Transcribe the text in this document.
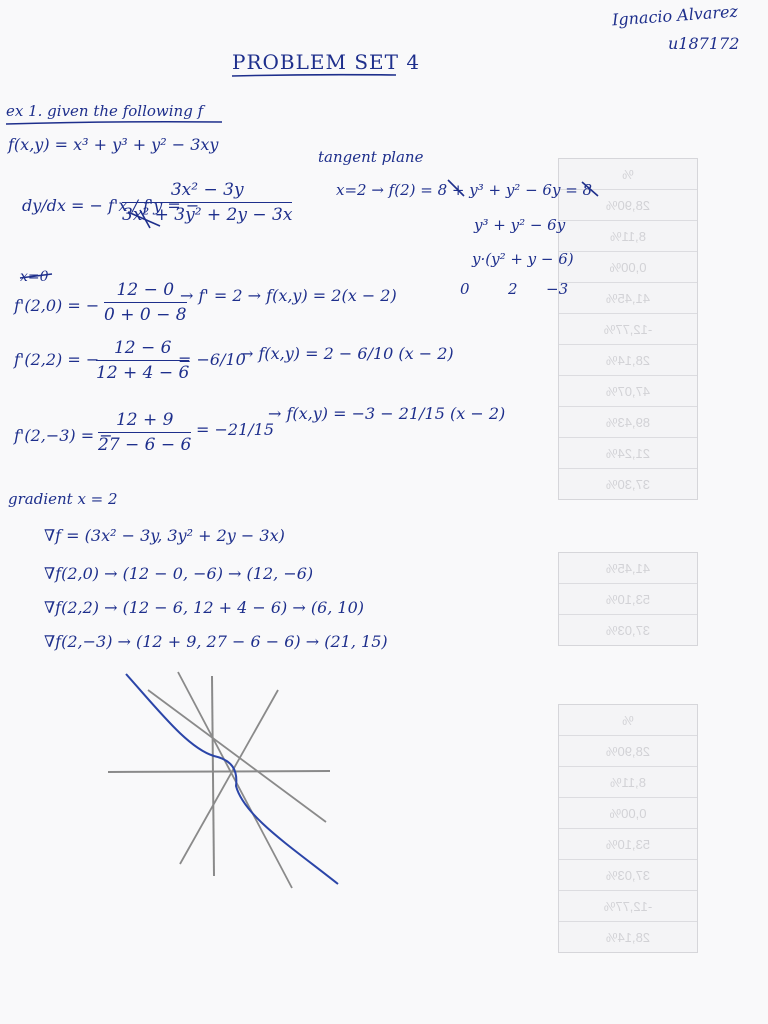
%
28,90%
8,11%
0,00%
41,45%
-12,77%
28,14%
47,07%
89,43%
21,24%
37,30%
41,45%
53,10%
37,03%
%
28,90%
8,11%
0,00%
53,10%
37,03%
-12,77%
28,14%
Ignacio Alvarez
u187172
PROBLEM SET 4
ex 1. given the following f
f(x,y) = x³ + y³ + y² − 3xy
dy/dx = − f'x / f'y = −
$\frac{\text{3x² − 3y}}{\text{3x² + 3y² + 2y − 3x}}$
x=0
f'(2,0) = − $\frac{12 - 0}{0 + 0 - 8}$
→ f' = 2 → f(x,y) = 2(x − 2)
f'(2,2) = −
$\frac{12 - 6}{12 + 4 - 6}$
= −6/10
→ f(x,y) = 2 − 6/10 (x − 2)
f'(2,−3) = −
$\frac{12 + 9}{27 - 6 - 6} = -21/15$
→ f(x,y) = −3 − 21/15 (x − 2)
tangent plane
x=2 → f(2) = 8 + y³ + y² − 6y = 8
y³ + y² − 6y
y·(y² + y − 6)
0	2 −3
gradient x = 2
∇f = (3x² − 3y, 3y² + 2y − 3x)
∇f(2,0) → (12 − 0, −6) → (12, −6)
∇f(2,2) → (12 − 6, 12 + 4 − 6) → (6, 10)
∇f(2,−3) → (12 + 9, 27 − 6 − 6) → (21, 15)
